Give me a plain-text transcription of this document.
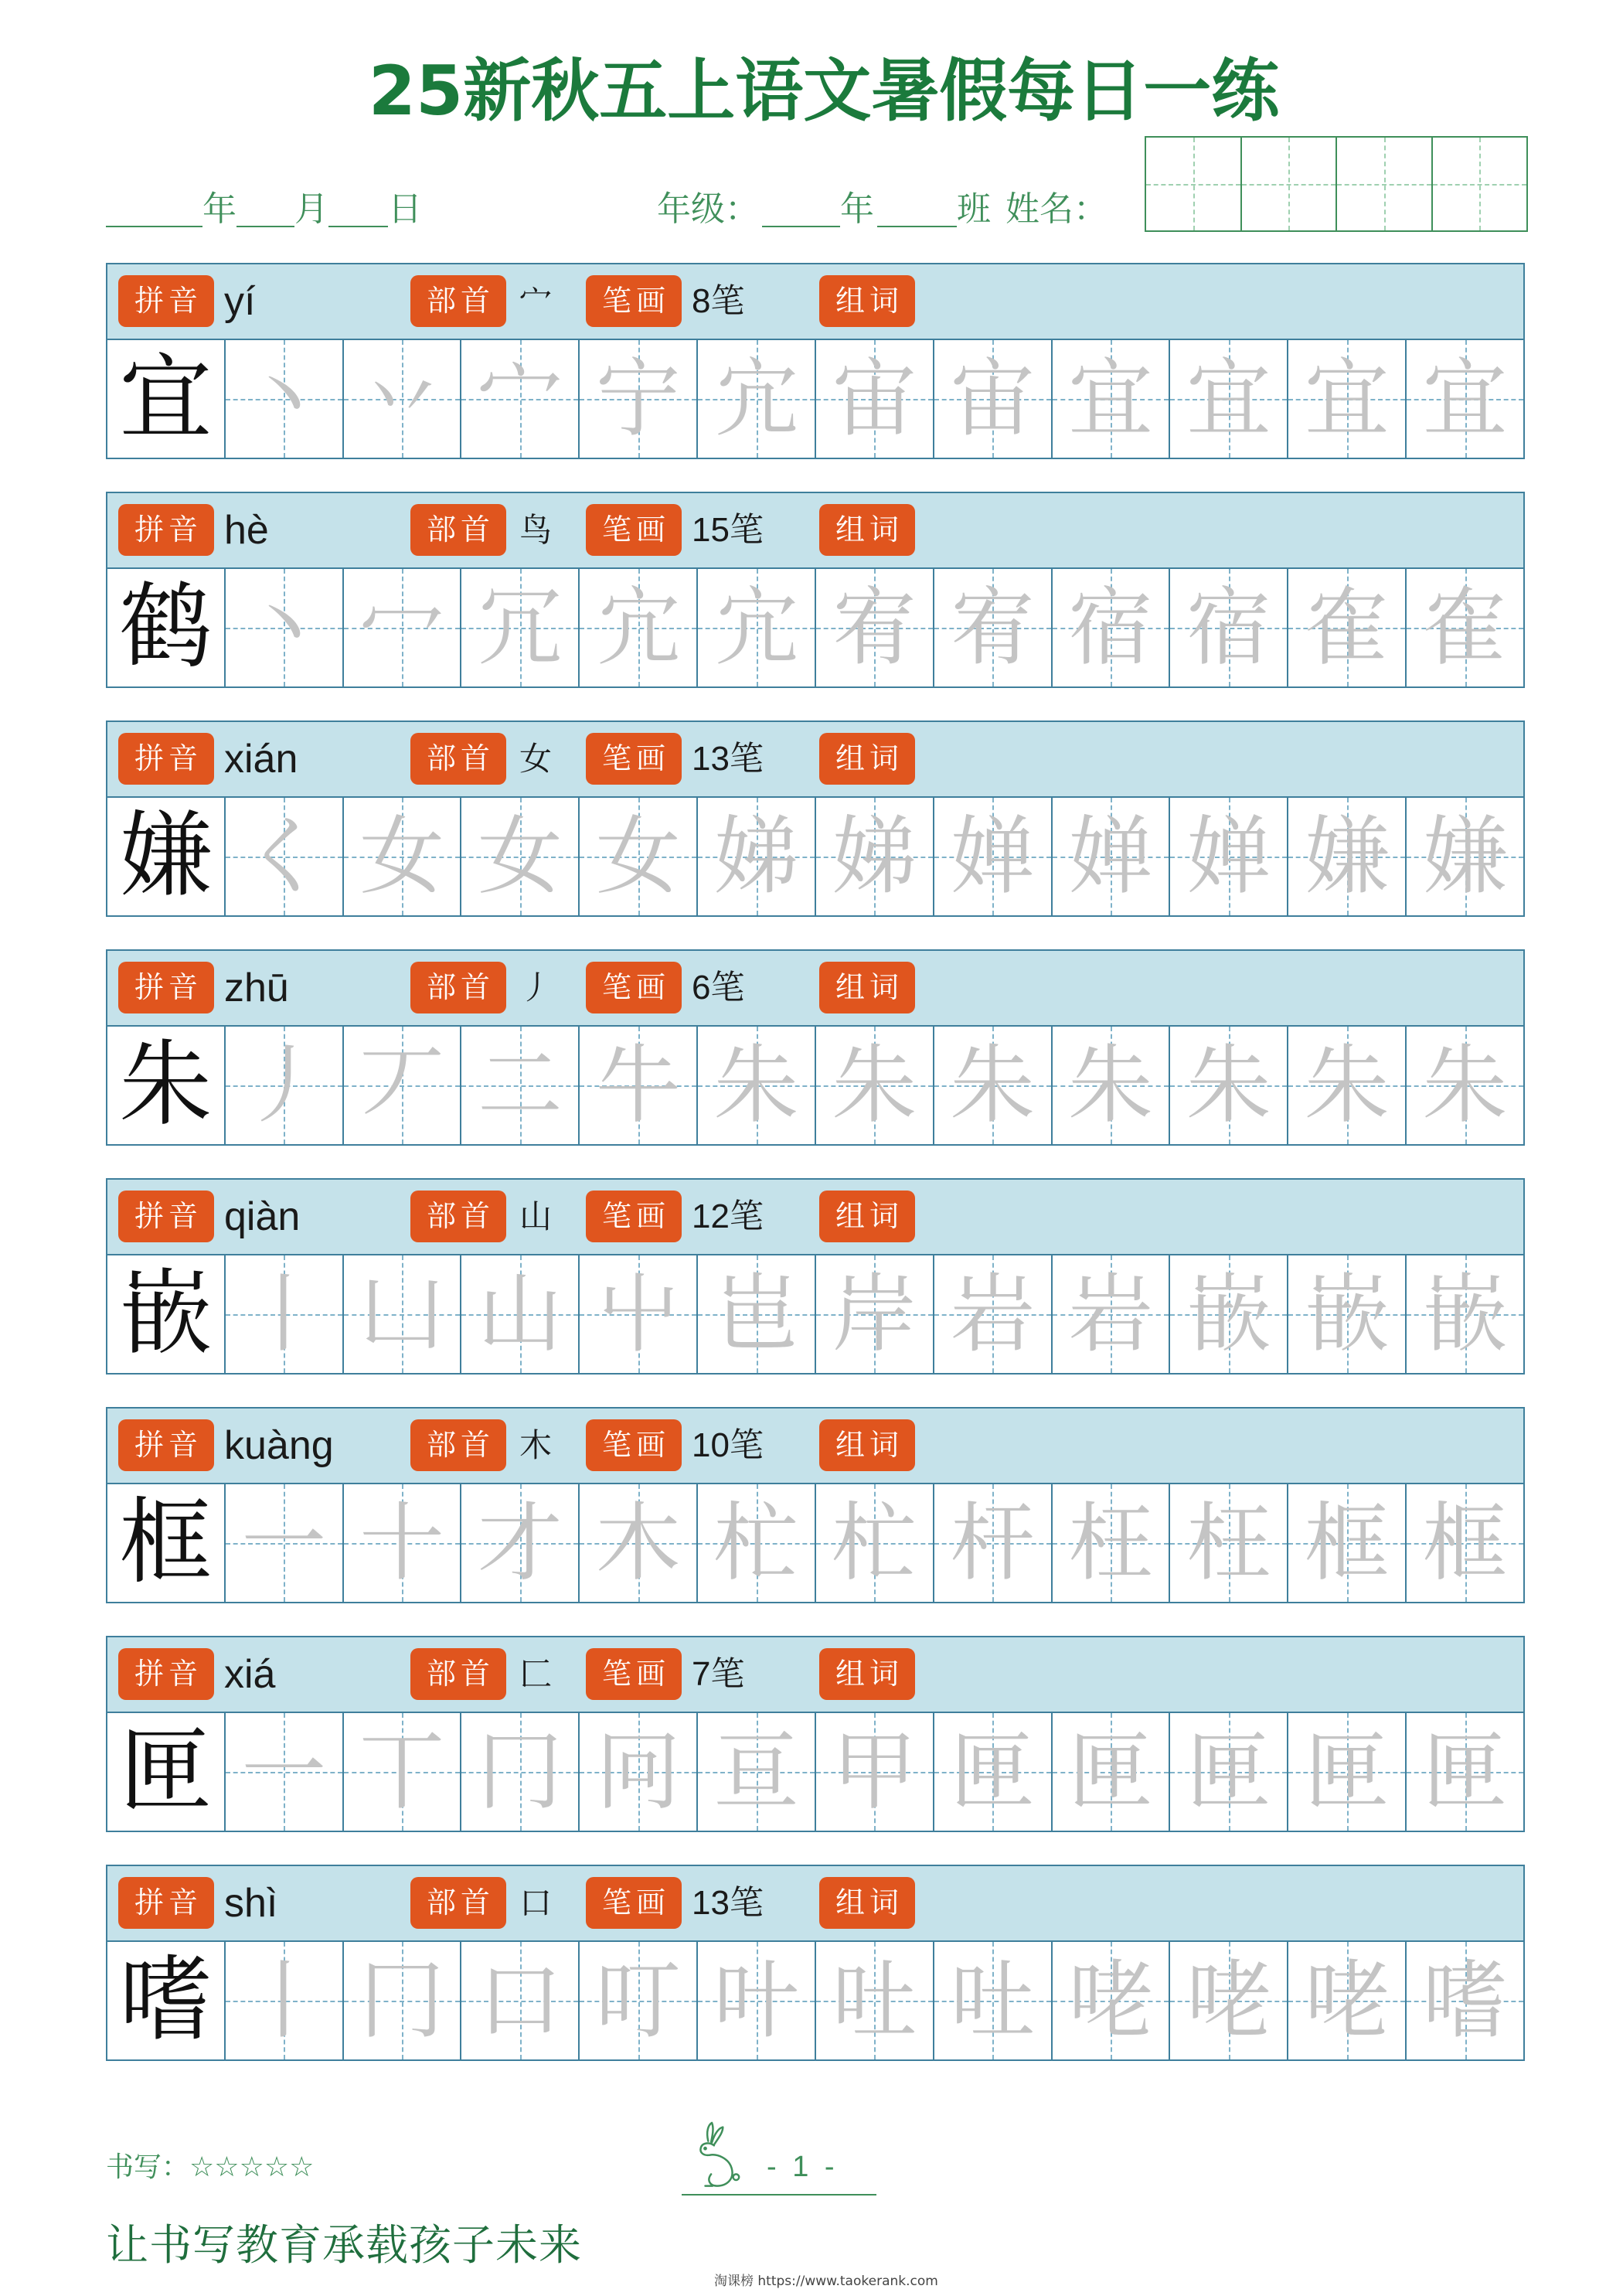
25新秋五上语文暑假每日一练
年 月 日	年级： 年 班 姓名：
拼音 yí	部首 宀	笔画 8笔	组词
宜 丶 丷 宀 宁 宂 宙 宙 宜 宜 宜 宜
拼音 hè	部首 鸟	笔画 15笔	组词
鹤 丶 冖 冗 宂 宂 宥 宥 宿 宿 隺 隺
拼音 xián	部首 女	笔画 13笔	组词
嫌 く 女 女 女 娣 娣 婵 婵 婵 嫌 嫌
拼音 zhū	部首 丿	笔画 6笔	组词
朱 丿 丆 二 牛 朱 朱 朱 朱 朱 朱 朱
拼音 qiàn	部首 山	笔画 12笔	组词
嵌 丨 凵 山 屮 岜 岸 岩 岩 嵌 嵌 嵌
拼音 kuàng	部首 木	笔画 10笔	组词
框 一 十 才 木 杧 杧 杆 枉 枉 框 框
拼音 xiá	部首 匚	笔画 7笔	组词
匣 一 丅 冂 冋 亘 甲 匣 匣 匣 匣 匣
拼音 shì	部首 口	笔画 13笔	组词
嗜 丨 冂 口 叮 叶 吐 吐 咾 咾 咾 嗜
书写：☆☆☆☆☆	- 1 -
让书写教育承载孩子未来
淘课榜 https://www.taokerank.com
